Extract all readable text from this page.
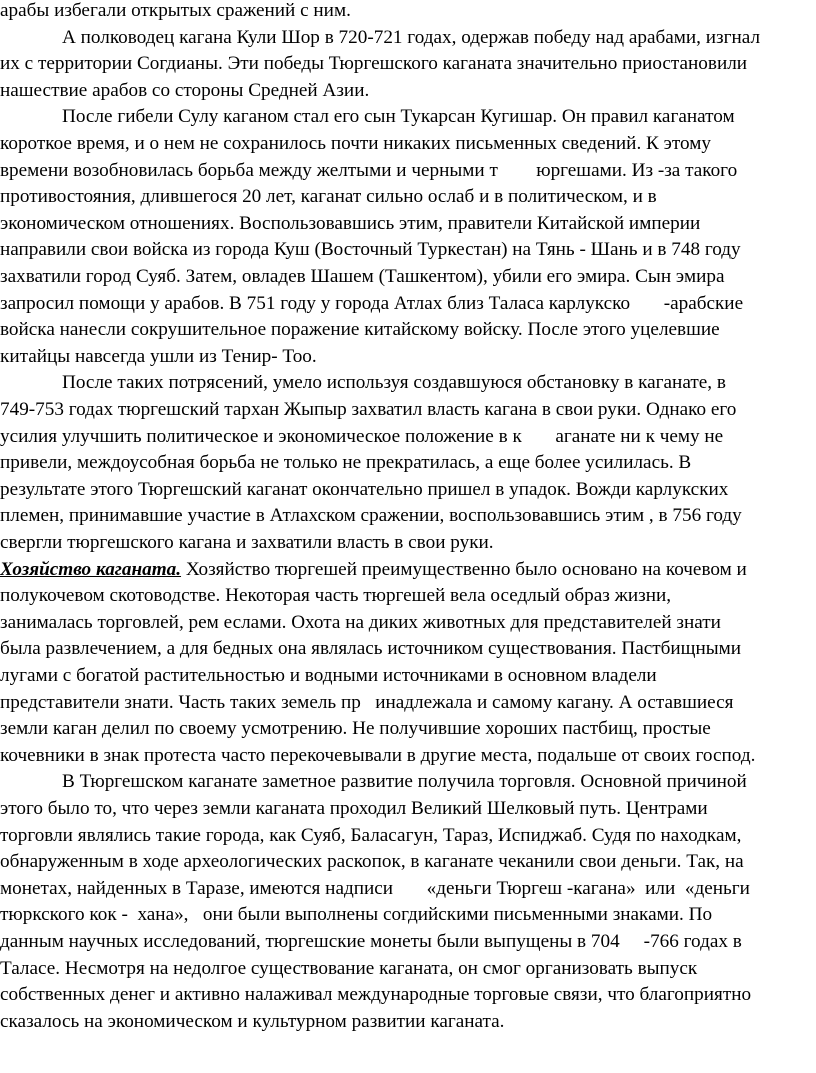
арабы избегали открытых сражений с ним.
А полководец кагана Кули Шор в 720-721 годах, одержав победу над арабами, изгнал
их с территории Согдианы. Эти победы Тюргешского каганата значительно приостановили
нашествие арабов со стороны Средней Азии.
После гибели Сулу каганом стал его сын Тукарсан Кугишар. Он правил каганатом
короткое время, и о нем не сохранилось почти никаких письменных сведений. К этому
времени возобновилась борьба между желтыми и черными т        юргешами. Из -за такого
противостояния, длившегося 20 лет, каганат сильно ослаб и в политическом, и в
экономическом отношениях. Воспользовавшись этим, правители Китайской империи
направили свои войска из города Куш (Восточный Туркестан) на Тянь - Шань и в 748 году
захватили город Суяб. Затем, овладев Шашем (Ташкентом), убили его эмира. Сын эмира
запросил помощи у арабов. В 751 году у города Атлах близ Таласа карлукско       -арабские
войска нанесли сокрушительное поражение китайскому войску. После этого уцелевшие
китайцы навсегда ушли из Тенир- Тоо.
После таких потрясений, умело используя создавшуюся обстановку в каганате, в
749-753 годах тюргешский тархан Жыпыр захватил власть кагана в свои руки. Однако его
усилия улучшить политическое и экономическое положение в к       аганате ни к чему не
привели, междоусобная борьба не только не прекратилась, а еще более усилилась. В
результате этого Тюргешский каганат окончательно пришел в упадок. Вожди карлукских
племен, принимавшие участие в Атлахском сражении, воспользовавшись этим , в 756 году
свергли тюргешского кагана и захватили власть в свои руки.
Хозяйство каганата. Хозяйство тюргешей преимущественно было основано на кочевом и
полукочевом скотоводстве. Некоторая часть тюргешей вела оседлый образ жизни,
занималась торговлей, рем еслами. Охота на диких животных для представителей знати
была развлечением, а для бедных она являлась источником существования. Пастбищными
лугами с богатой растительностью и водными источниками в основном владели
представители знати. Часть таких земель пр   инадлежала и самому кагану. А оставшиеся
земли каган делил по своему усмотрению. Не получившие хороших пастбищ, простые
кочевники в знак протеста часто перекочевывали в другие места, подальше от своих господ.
В Тюргешском каганате заметное развитие получила торговля. Основной причиной
этого было то, что через земли каганата проходил Великий Шелковый путь. Центрами
торговли являлись такие города, как Суяб, Баласагун, Тараз, Испиджаб. Судя по находкам,
обнаруженным в ходе археологических раскопок, в каганате чеканили свои деньги. Так, на
монетах, найденных в Таразе, имеются надписи       «деньги Тюргеш -кагана»  или  «деньги
тюркского кок -  хана»,   они были выполнены согдийскими письменными знаками. По
данным научных исследований, тюргешские монеты были выпущены в 704     -766 годах в
Таласе. Несмотря на недолгое существование каганата, он смог организовать выпуск
собственных денег и активно налаживал международные торговые связи, что благоприятно
сказалось на экономическом и культурном развитии каганата.
